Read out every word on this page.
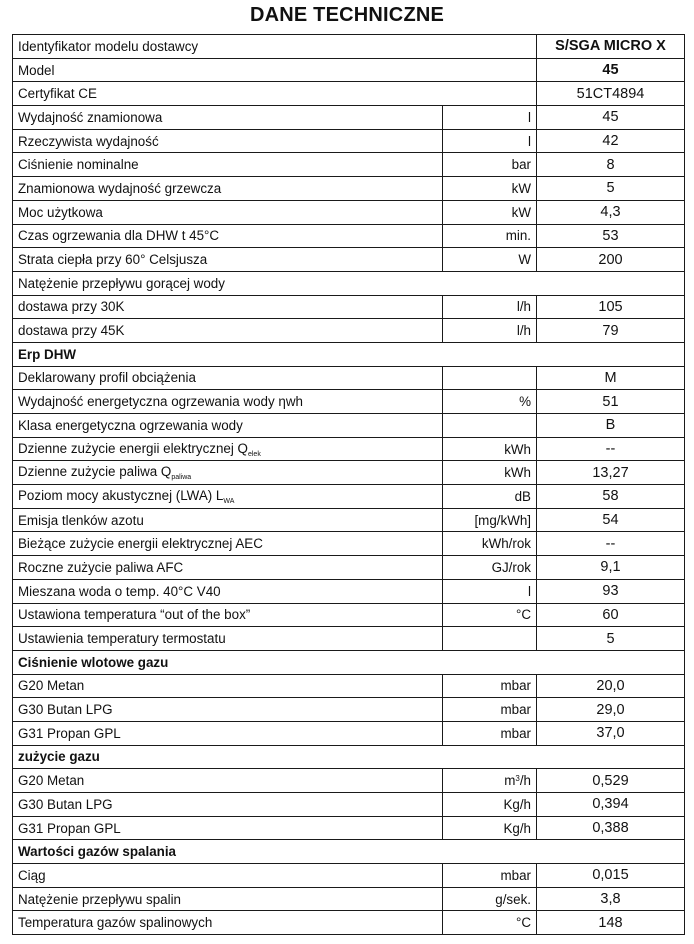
DANE TECHNICZNE
Identyfikator modelu dostawcy		S/SGA MICRO X
Model		45
Certyfikat CE		51CT4894
Wydajność znamionowa	l	45
Rzeczywista wydajność	l	42
Ciśnienie nominalne	bar	8
Znamionowa wydajność grzewcza	kW	5
Moc użytkowa	kW	4,3
Czas ogrzewania dla DHW t 45°C	min.	53
Strata ciepła przy 60° Celsjusza	W	200
Natężenie przepływu gorącej wody		
dostawa przy 30K	l/h	105
dostawa przy 45K	l/h	79
Erp DHW		
Deklarowany profil obciążenia		M
Wydajność energetyczna ogrzewania wody ηwh	%	51
Klasa energetyczna ogrzewania wody		B
Dzienne zużycie energii elektrycznej $Q_{elek}$	kWh	--
Dzienne zużycie paliwa $Q_{paliwa}$	kWh	13,27
Poziom mocy akustycznej (LWA) $L_{WA}$	dB	58
Emisja tlenków azotu	[mg/kWh]	54
Bieżące zużycie energii elektrycznej AEC	kWh/rok	--
Roczne zużycie paliwa AFC	GJ/rok	9,1
Mieszana woda o temp. 40°C V40	l	93
Ustawiona temperatura “out of the box”	°C	60
Ustawienia temperatury termostatu		5
Ciśnienie wlotowe gazu		
G20 Metan	mbar	20,0
G30 Butan LPG	mbar	29,0
G31 Propan GPL	mbar	37,0
zużycie gazu		
G20 Metan	$m^3/h$	0,529
G30 Butan LPG	Kg/h	0,394
G31 Propan GPL	Kg/h	0,388
Wartości gazów spalania		
Ciąg	mbar	0,015
Natężenie przepływu spalin	g/sek.	3,8
Temperatura gazów spalinowych	°C	148
